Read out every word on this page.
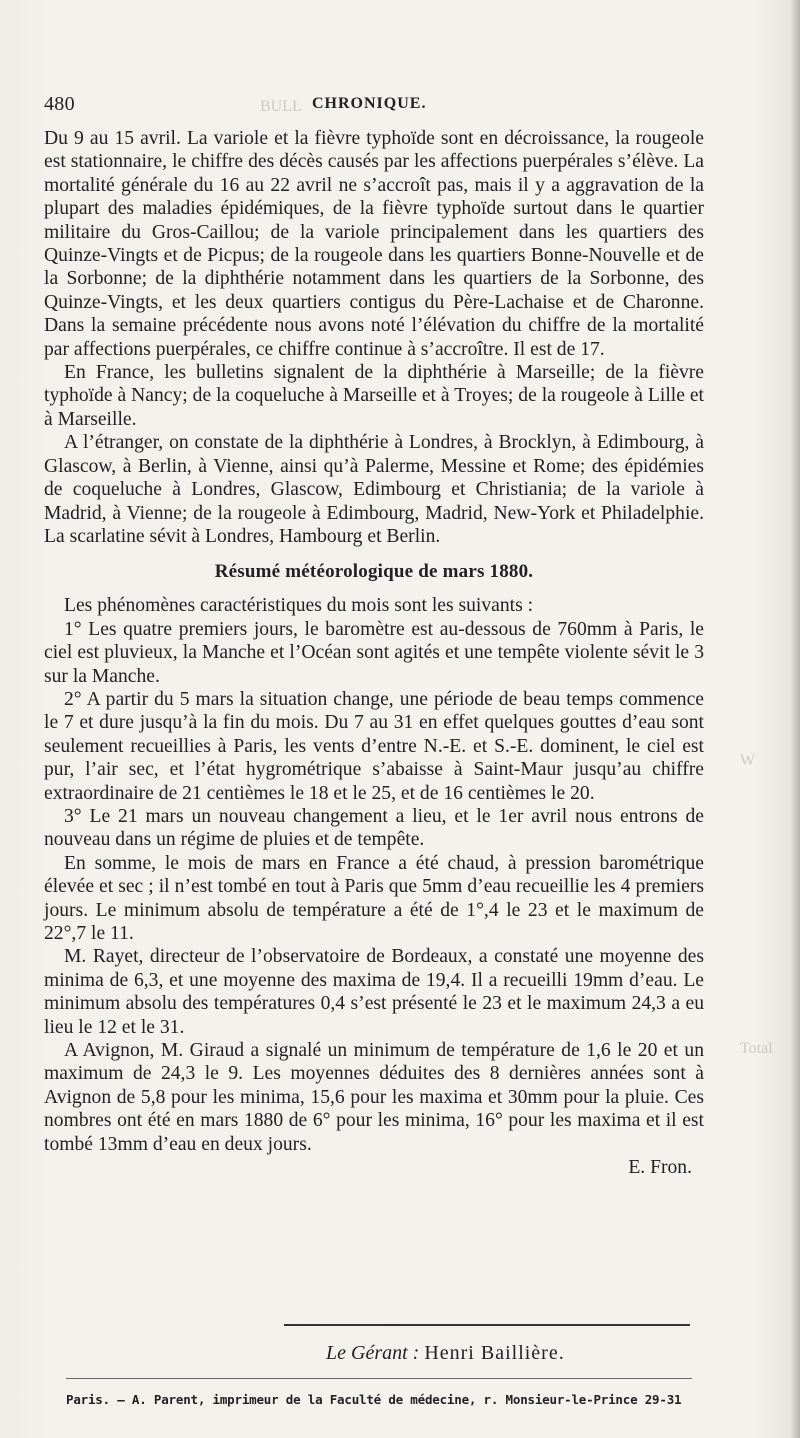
BULL
W
Total
480	CHRONIQUE.

Du 9 au 15 avril. La variole et la fièvre typhoïde sont en décroissance, la rougeole est stationnaire, le chiffre des décès causés par les affections puerpérales s’élève. La mortalité générale du 16 au 22 avril ne s’accroît pas, mais il y a aggravation de la plupart des maladies épidémiques, de la fièvre typhoïde surtout dans le quartier militaire du Gros-Caillou; de la variole principalement dans les quartiers des Quinze-Vingts et de Picpus; de la rougeole dans les quartiers Bonne-Nouvelle et de la Sorbonne; de la diphthérie notamment dans les quartiers de la Sorbonne, des Quinze-Vingts, et les deux quartiers contigus du Père-Lachaise et de Charonne. Dans la semaine précédente nous avons noté l’élévation du chiffre de la mortalité par affections puerpérales, ce chiffre continue à s’accroître. Il est de 17.

En France, les bulletins signalent de la diphthérie à Marseille; de la fièvre typhoïde à Nancy; de la coqueluche à Marseille et à Troyes; de la rougeole à Lille et à Marseille.

A l’étranger, on constate de la diphthérie à Londres, à Brocklyn, à Edimbourg, à Glascow, à Berlin, à Vienne, ainsi qu’à Palerme, Messine et Rome; des épidémies de coqueluche à Londres, Glascow, Edimbourg et Christiania; de la variole à Madrid, à Vienne; de la rougeole à Edimbourg, Madrid, New-York et Philadelphie. La scarlatine sévit à Londres, Hambourg et Berlin.

Résumé météorologique de mars 1880.

Les phénomènes caractéristiques du mois sont les suivants :

1° Les quatre premiers jours, le baromètre est au-dessous de 760mm à Paris, le ciel est pluvieux, la Manche et l’Océan sont agités et une tempête violente sévit le 3 sur la Manche.

2° A partir du 5 mars la situation change, une période de beau temps commence le 7 et dure jusqu’à la fin du mois. Du 7 au 31 en effet quelques gouttes d’eau sont seulement recueillies à Paris, les vents d’entre N.-E. et S.-E. dominent, le ciel est pur, l’air sec, et l’état hygrométrique s’abaisse à Saint-Maur jusqu’au chiffre extraordinaire de 21 centièmes le 18 et le 25, et de 16 centièmes le 20.

3° Le 21 mars un nouveau changement a lieu, et le 1er avril nous entrons de nouveau dans un régime de pluies et de tempête.

En somme, le mois de mars en France a été chaud, à pression barométrique élevée et sec ; il n’est tombé en tout à Paris que 5mm d’eau recueillie les 4 premiers jours. Le minimum absolu de température a été de 1°,4 le 23 et le maximum de 22°,7 le 11.

M. Rayet, directeur de l’observatoire de Bordeaux, a constaté une moyenne des minima de 6,3, et une moyenne des maxima de 19,4. Il a recueilli 19mm d’eau. Le minimum absolu des températures 0,4 s’est présenté le 23 et le maximum 24,3 a eu lieu le 12 et le 31.

A Avignon, M. Giraud a signalé un minimum de température de 1,6 le 20 et un maximum de 24,3 le 9. Les moyennes déduites des 8 dernières années sont à Avignon de 5,8 pour les minima, 15,6 pour les maxima et 30mm pour la pluie. Ces nombres ont été en mars 1880 de 6° pour les minima, 16° pour les maxima et il est tombé 13mm d’eau en deux jours.

E. Fron.
Le Gérant : Henri Baillière.
Paris. — A. Parent, imprimeur de la Faculté de médecine, r. Monsieur-le-Prince 29-31
